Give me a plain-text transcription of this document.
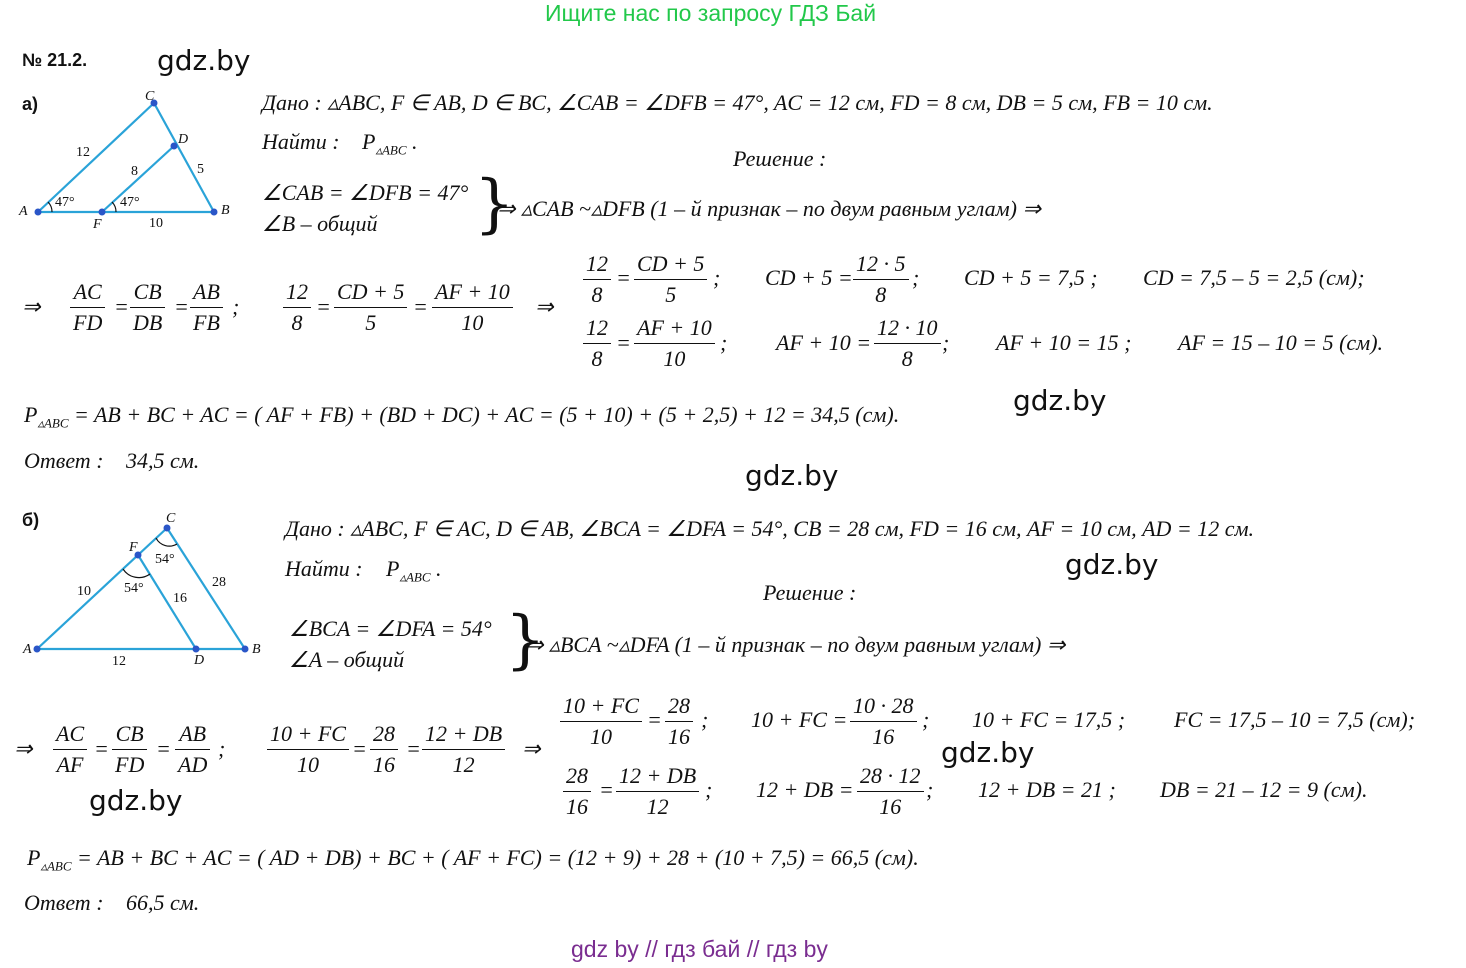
Ищите нас по запросу ГДЗ Бай
№ 21.2. gdz.by
а)
A	B
C
D
F
12
8	5
10
47°	47°
Дано : ▵ABC, F ∈ AB, D ∈ BC, ∠CAB = ∠DFB = 47°, AC = 12 см, FD = 8 см, DB = 5 см, FB = 10 см.
Найти : $P_{▵ABC}$ .
Решение :
∠CAB = ∠DFB = 47°
∠B – общий }
⇒ ▵CAB ~▵DFB (1 – й признак – по двум равным углам) ⇒
⇒ $\frac{AC}{FD} = \frac{CB}{DB} = \frac{AB}{FB}$ ; $\frac{12}{8} = \frac{CD + 5}{5} = \frac{AF + 10}{10}$ ⇒ $\frac{12}{8} = \frac{CD + 5}{5}$ ; CD + $5 = \frac{12 \cdot 5}{8}$ ; CD + 5 = 7,5 ; CD = 7,5 – 5 = 2,5 (см);
$\frac{12}{8} = \frac{AF + 10}{10}$ ; AF + $10 = \frac{12 \cdot 10}{8}$ ; AF + 10 = 15 ; AF = 15 – 10 = 5 (см).
$P_{▵ABC}$ = AB + BC + AC = ( AF + FB) + (BD + DC) + AC = (5 + 10) + (5 + 2,5) + 12 = 34,5 (см).	gdz.by
Ответ : 34,5 см.	gdz.by
б)
A	B
C
D
F
10
28
16
12
54°
54°
Дано : ▵ABC, F ∈ AC, D ∈ AB, ∠BCA = ∠DFA = 54°, CB = 28 см, FD = 16 см, AF = 10 см, AD = 12 см.
Найти : $P_{▵ABC}$ .	gdz.by
Решение :
∠BCA = ∠DFA = 54°
∠A – общий }
⇒ ▵BCA ~▵DFA (1 – й признак – по двум равным углам) ⇒
⇒ $\frac{AC}{AF} = \frac{CB}{FD} = \frac{AB}{AD}$ ; $\frac{10 + FC}{10} = \frac{28}{16} = \frac{12 + DB}{12}$ ⇒
gdz.by
$\frac{10 + FC}{10} = \frac{28}{16}$ ; 10 + FC = $\frac{10 \cdot 28}{16}$ ; 10 + FC = 17,5 ; FC = 17,5 – 10 = 7,5 (см);
gdz.by
$\frac{28}{16} = \frac{12 + DB}{12}$ ; 12 + DB = $\frac{28 \cdot 12}{16}$ ; 12 + DB = 21 ; DB = 21 – 12 = 9 (см).
$P_{▵ABC}$ = AB + BC + AC = ( AD + DB) + BC + ( AF + FC) = (12 + 9) + 28 + (10 + 7,5) = 66,5 (см).
Ответ : 66,5 см.
gdz by // гдз бай // гдз by
